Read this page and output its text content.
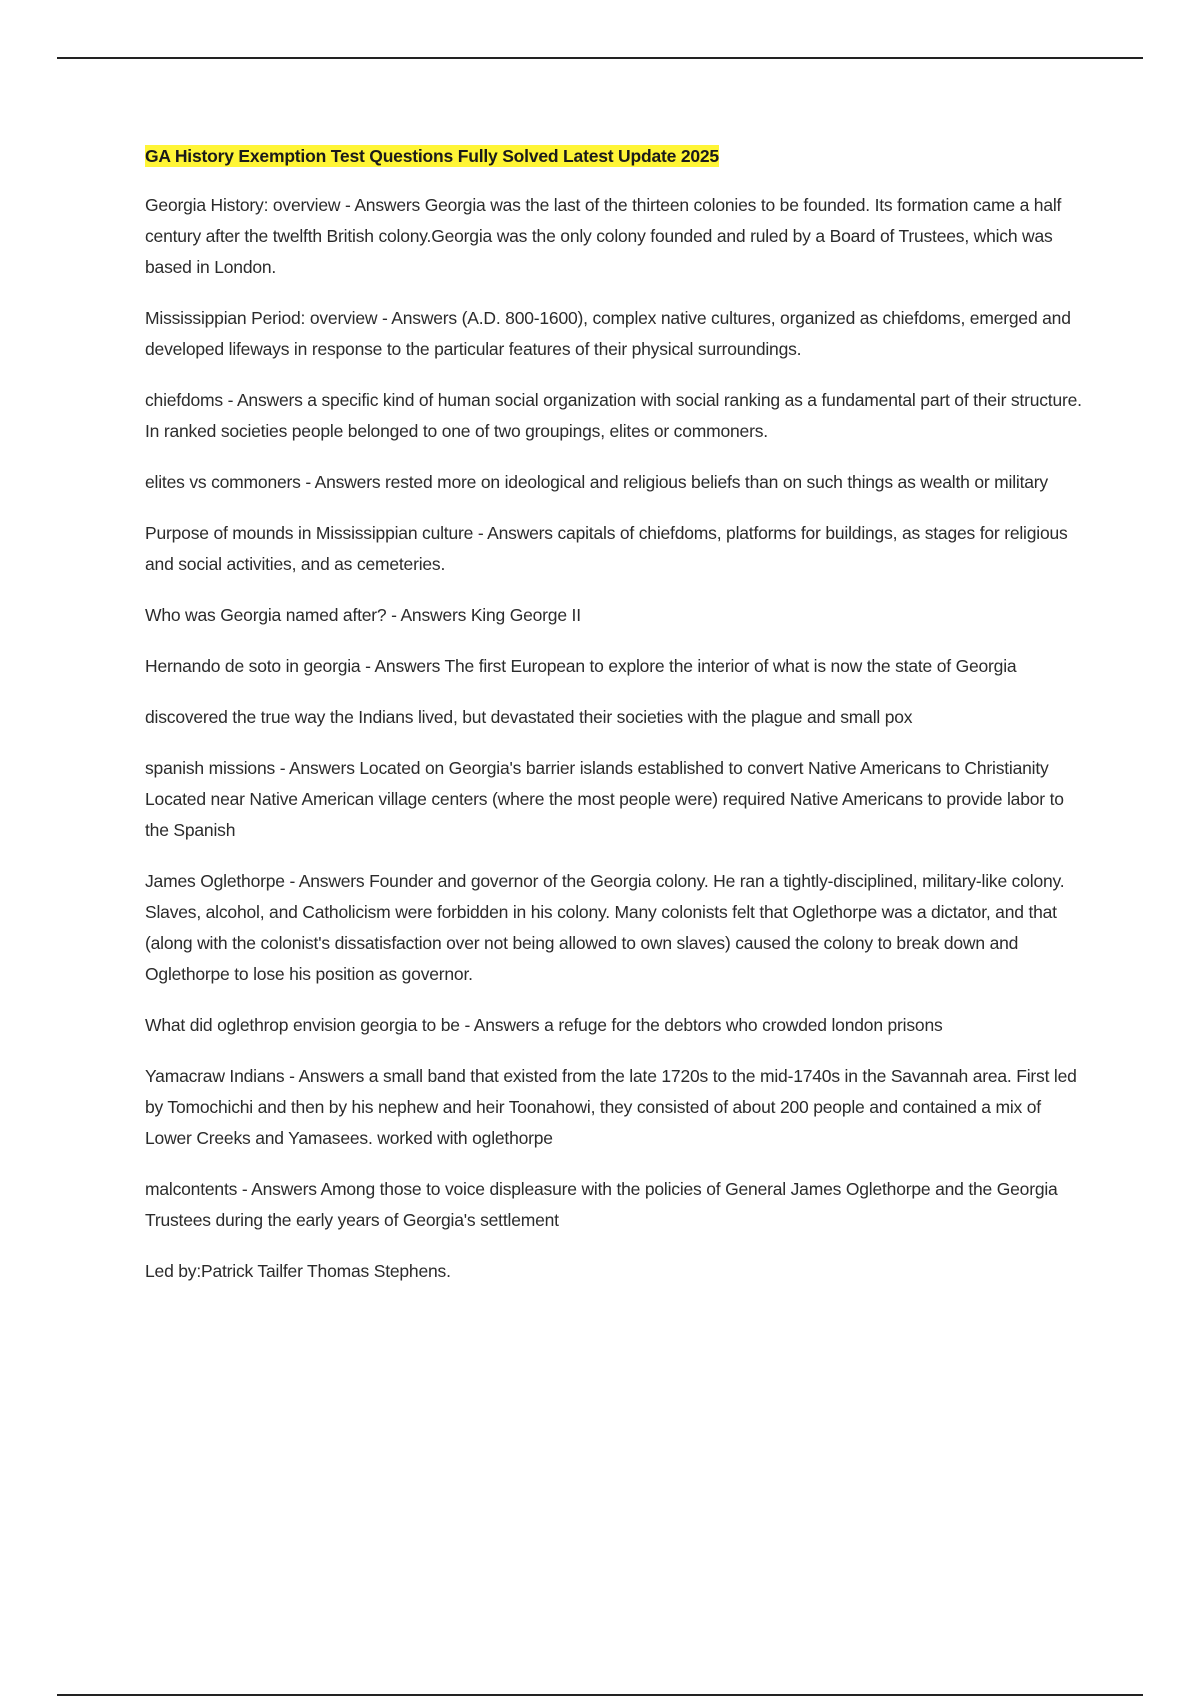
GA History Exemption Test Questions Fully Solved Latest Update 2025

Georgia History: overview - Answers Georgia was the last of the thirteen colonies to be founded. Its formation came a half century after the twelfth British colony.Georgia was the only colony founded and ruled by a Board of Trustees, which was based in London.

Mississippian Period: overview - Answers (A.D. 800-1600), complex native cultures, organized as chiefdoms, emerged and developed lifeways in response to the particular features of their physical surroundings.

chiefdoms - Answers a specific kind of human social organization with social ranking as a fundamental part of their structure. In ranked societies people belonged to one of two groupings, elites or commoners.

elites vs commoners - Answers rested more on ideological and religious beliefs than on such things as wealth or military

Purpose of mounds in Mississippian culture - Answers capitals of chiefdoms, platforms for buildings, as stages for religious and social activities, and as cemeteries.

Who was Georgia named after? - Answers King George II

Hernando de soto in georgia - Answers The first European to explore the interior of what is now the state of Georgia

discovered the true way the Indians lived, but devastated their societies with the plague and small pox

spanish missions - Answers Located on Georgia's barrier islands established to convert Native Americans to Christianity Located near Native American village centers (where the most people were) required Native Americans to provide labor to the Spanish

James Oglethorpe - Answers Founder and governor of the Georgia colony. He ran a tightly-disciplined, military-like colony. Slaves, alcohol, and Catholicism were forbidden in his colony. Many colonists felt that Oglethorpe was a dictator, and that (along with the colonist's dissatisfaction over not being allowed to own slaves) caused the colony to break down and Oglethorpe to lose his position as governor.

What did oglethrop envision georgia to be - Answers a refuge for the debtors who crowded london prisons

Yamacraw Indians - Answers a small band that existed from the late 1720s to the mid-1740s in the Savannah area. First led by Tomochichi and then by his nephew and heir Toonahowi, they consisted of about 200 people and contained a mix of Lower Creeks and Yamasees. worked with oglethorpe

malcontents - Answers Among those to voice displeasure with the policies of General James Oglethorpe and the Georgia Trustees during the early years of Georgia's settlement

Led by:Patrick Tailfer Thomas Stephens.
